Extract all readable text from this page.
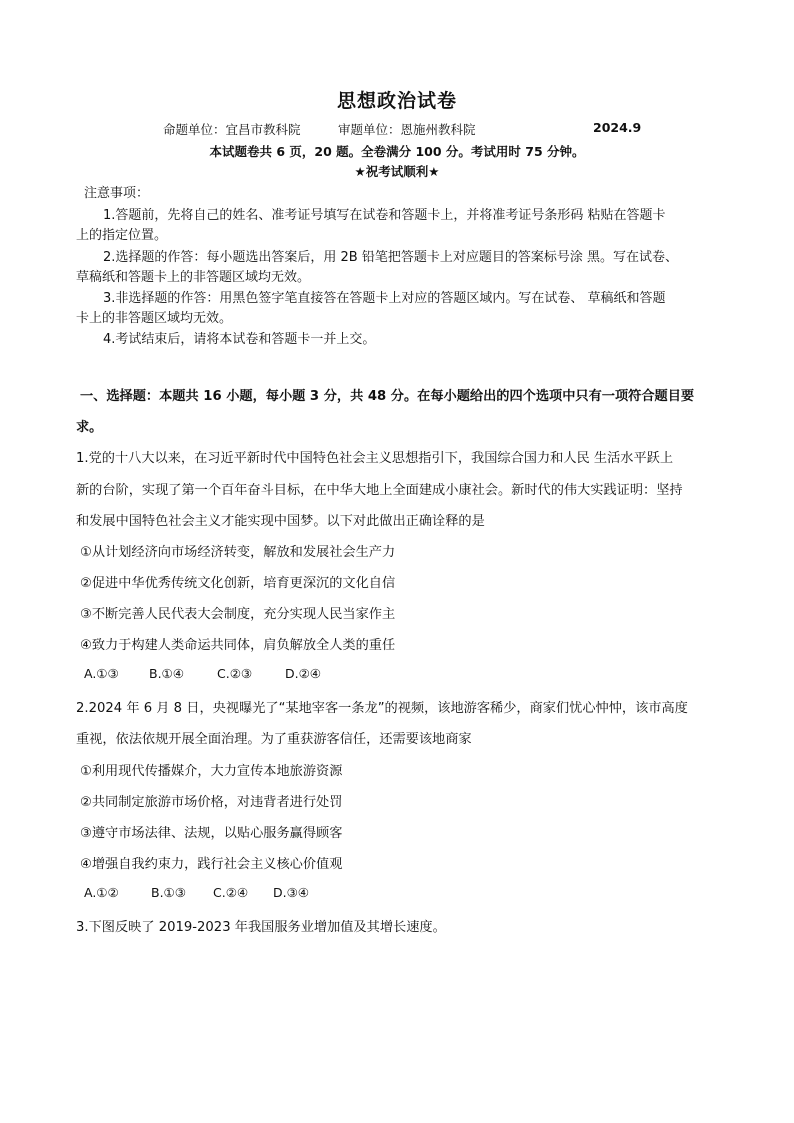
思想政治试卷
命题单位：宜昌市教科院	审题单位：恩施州教科院	2024.9
本试题卷共 6 页，20 题。全卷满分 100 分。考试用时 75 分钟。
★祝考试顺利★
注意事项：
1.答题前，先将自己的姓名、准考证号填写在试卷和答题卡上，并将准考证号条形码 粘贴在答题卡
上的指定位置。
2.选择题的作答：每小题选出答案后，用 2B 铅笔把答题卡上对应题目的答案标号涂 黑。写在试卷、
草稿纸和答题卡上的非答题区域均无效。
3.非选择题的作答：用黑色签字笔直接答在答题卡上对应的答题区域内。写在试卷、 草稿纸和答题
卡上的非答题区域均无效。
4.考试结束后，请将本试卷和答题卡一并上交。
一、选择题：本题共 16 小题，每小题 3 分，共 48 分。在每小题给出的四个选项中只有一项符合题目要
求。
1.党的十八大以来，在习近平新时代中国特色社会主义思想指引下，我国综合国力和人民 生活水平跃上
新的台阶，实现了第一个百年奋斗目标，在中华大地上全面建成小康社会。新时代的伟大实践证明：坚持
和发展中国特色社会主义才能实现中国梦。以下对此做出正确诠释的是
①从计划经济向市场经济转变，解放和发展社会生产力
②促进中华优秀传统文化创新，培育更深沉的文化自信
③不断完善人民代表大会制度，充分实现人民当家作主
④致力于构建人类命运共同体，肩负解放全人类的重任
A.①③	B.①④	C.②③	D.②④
2.2024 年 6 月 8 日，央视曝光了“某地宰客一条龙”的视频，该地游客稀少，商家们忧心忡忡，该市高度
重视，依法依规开展全面治理。为了重获游客信任，还需要该地商家
①利用现代传播媒介，大力宣传本地旅游资源
②共同制定旅游市场价格，对违背者进行处罚
③遵守市场法律、法规，以贴心服务赢得顾客
④增强自我约束力，践行社会主义核心价值观
A.①②	B.①③	C.②④	D.③④
3.下图反映了 2019-2023 年我国服务业增加值及其增长速度。
